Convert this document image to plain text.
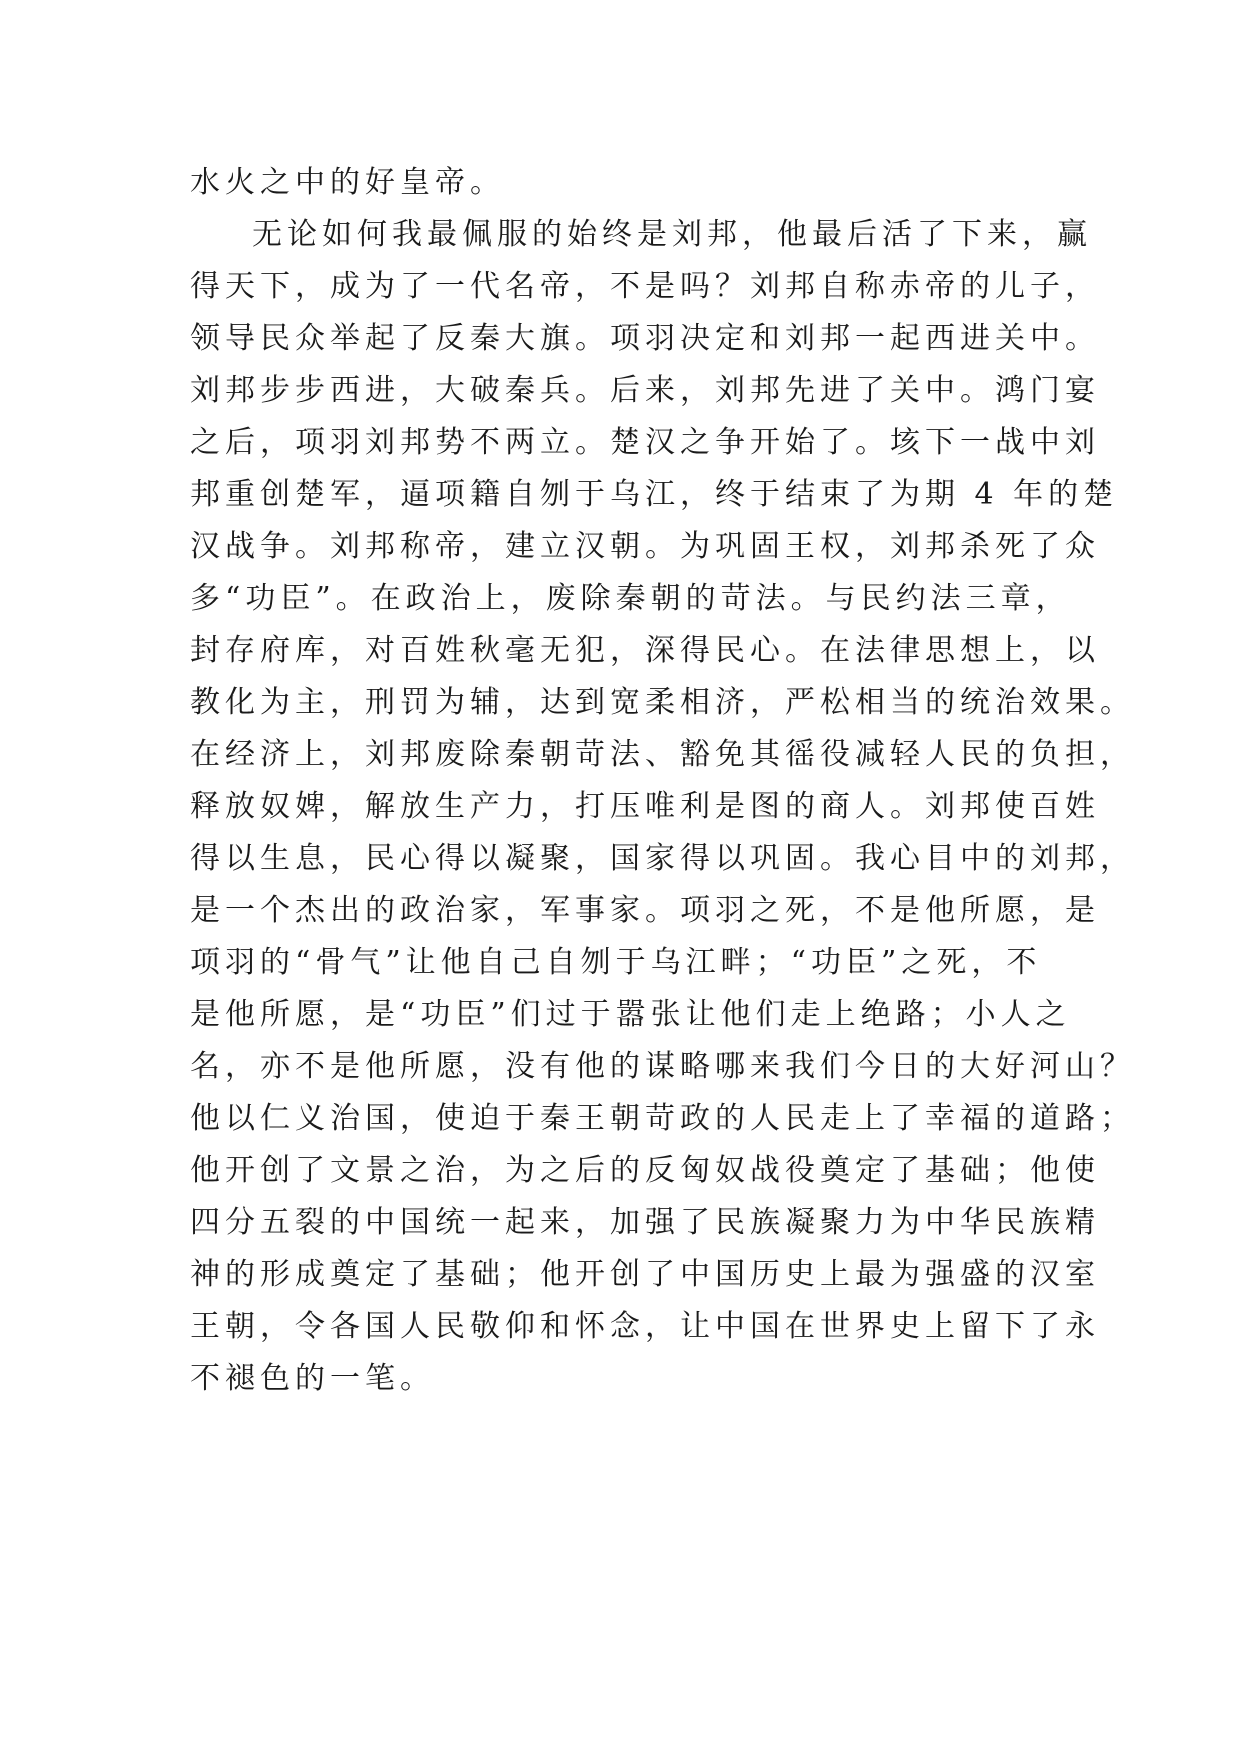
水火之中的好皇帝。
无论如何我最佩服的始终是刘邦，他最后活了下来，赢
得天下，成为了一代名帝，不是吗？刘邦自称赤帝的儿子，
领导民众举起了反秦大旗。项羽决定和刘邦一起西进关中。
刘邦步步西进，大破秦兵。后来，刘邦先进了关中。鸿门宴
之后，项羽刘邦势不两立。楚汉之争开始了。垓下一战中刘
邦重创楚军，逼项籍自刎于乌江，终于结束了为期 4 年的楚
汉战争。刘邦称帝，建立汉朝。为巩固王权，刘邦杀死了众
多“功臣”。在政治上，废除秦朝的苛法。与民约法三章，
封存府库，对百姓秋毫无犯，深得民心。在法律思想上，以
教化为主，刑罚为辅，达到宽柔相济，严松相当的统治效果。
在经济上，刘邦废除秦朝苛法、豁免其徭役减轻人民的负担，
释放奴婢，解放生产力，打压唯利是图的商人。刘邦使百姓
得以生息，民心得以凝聚，国家得以巩固。我心目中的刘邦，
是一个杰出的政治家，军事家。项羽之死，不是他所愿，是
项羽的“骨气”让他自己自刎于乌江畔；“功臣”之死，不
是他所愿，是“功臣”们过于嚣张让他们走上绝路；小人之
名，亦不是他所愿，没有他的谋略哪来我们今日的大好河山？
他以仁义治国，使迫于秦王朝苛政的人民走上了幸福的道路；
他开创了文景之治，为之后的反匈奴战役奠定了基础；他使
四分五裂的中国统一起来，加强了民族凝聚力为中华民族精
神的形成奠定了基础；他开创了中国历史上最为强盛的汉室
王朝，令各国人民敬仰和怀念，让中国在世界史上留下了永
不褪色的一笔。
